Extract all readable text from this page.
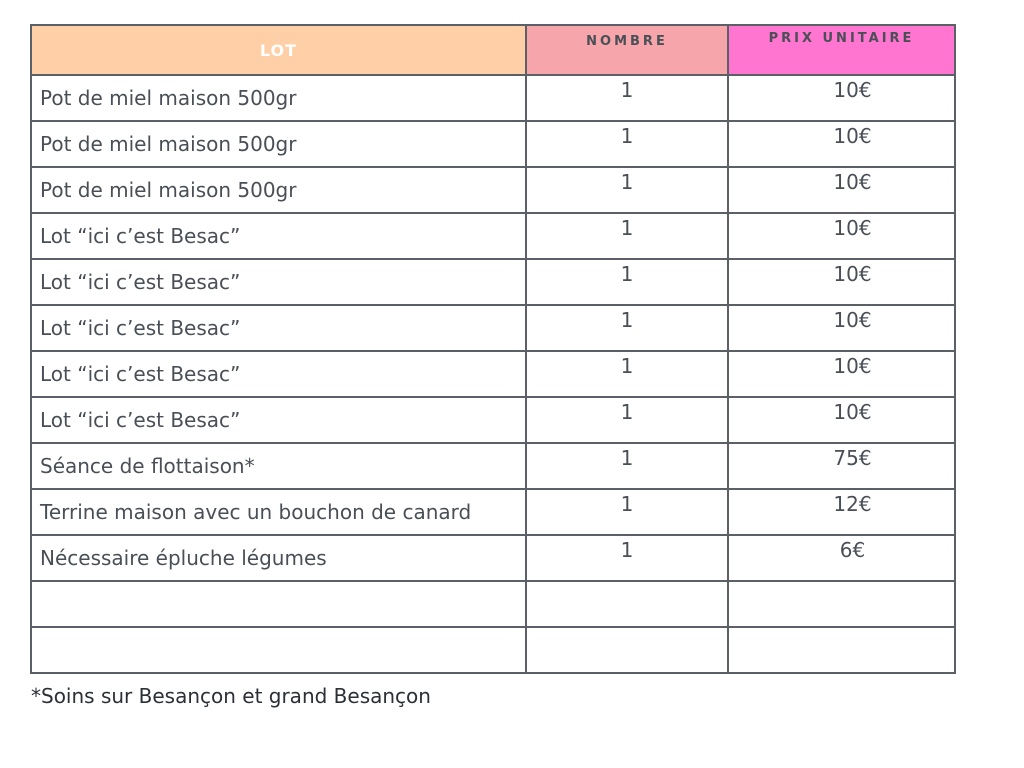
LOT	NOMBRE	PRIX UNITAIRE
Pot de miel maison 500gr	1	10€
Pot de miel maison 500gr	1	10€
Pot de miel maison 500gr	1	10€
Lot “ici c’est Besac”	1	10€
Lot “ici c’est Besac”	1	10€
Lot “ici c’est Besac”	1	10€
Lot “ici c’est Besac”	1	10€
Lot “ici c’est Besac”	1	10€
Séance de flottaison*	1	75€
Terrine maison avec un bouchon de canard	1	12€
Nécessaire épluche légumes	1	6€

*Soins sur Besançon et grand Besançon
